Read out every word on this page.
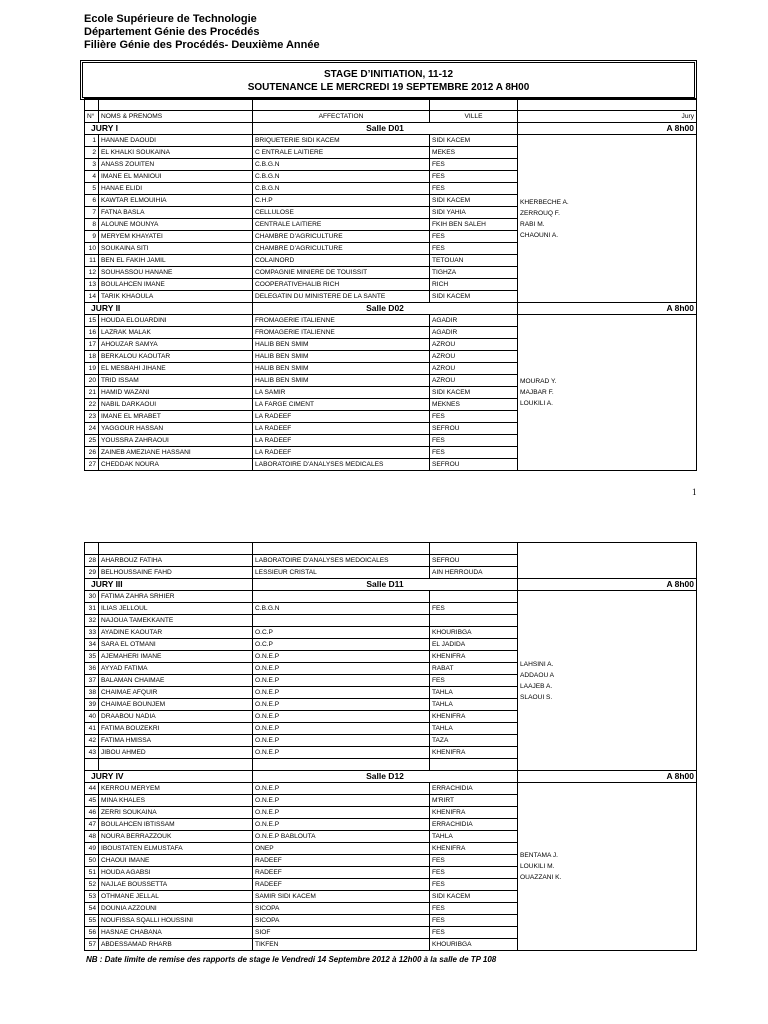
Ecole Supérieure de Technologie
Département Génie des Procédés
Filière Génie des Procédés- Deuxième Année
STAGE D’INITIATION, 11-12
SOUTENANCE LE MERCREDI 19 SEPTEMBRE 2012 A 8H00

N°	NOMS & PRENOMS	AFFECTATION	VILLE	Jury
JURY I		Salle D01		A 8h00
1	HANANE DAOUDI	BRIQUETERIE SIDI KACEM	SIDI KACEM	KHERBECHE A.
ZERROUQ F.
RABI M.
CHAOUNI A.

2	EL KHALKI SOUKAINA	C ENTRALE LAITIERE	MEKES	
3	ANASS ZOUITEN	C.B.G.N	FES	
4	IMANE EL MANIOUI	C.B.G.N	FES	
5	HANAE ELIDI	C.B.G.N	FES	
6	KAWTAR ELMOUIHIA	C.H.P	SIDI KACEM	
7	FATNA BASLA	CELLULOSE	SIDI YAHIA	
8	ALOUNE MOUNYA	CENTRALE LAITIERE	FKIH BEN SALEH	
9	MERYEM KHAYATEI	CHAMBRE D'AGRICULTURE	FES	
10	SOUKAINA SITI	CHAMBRE D'AGRICULTURE	FES	
11	BEN EL FAKIH JAMIL	COLAINORD	TETOUAN	
12	SOUHASSOU HANANE	COMPAGNIE MINIERE DE TOUISSIT	TIGHZA	
13	BOULAHCEN IMANE	COOPERATIVEHALIB RICH	RICH	
14	TARIK KHAOULA	DELEGATIN DU MINISTERE DE LA SANTE	SIDI KACEM	
JURY II		Salle D02		A 8h00
15	HOUDA ELOUARDINI	FROMAGERIE ITALIENNE	AGADIR	MOURAD Y.
MAJBAR F.
LOUKILI A.

16	LAZRAK MALAK	FROMAGERIE ITALIENNE	AGADIR	
17	AHOUZAR SAMYA	HALIB BEN SMIM	AZROU	
18	BERKALOU KAOUTAR	HALIB BEN SMIM	AZROU	
19	EL MESBAHI JIHANE	HALIB BEN SMIM	AZROU	
20	TRID ISSAM	HALIB BEN SMIM	AZROU	
21	HAMID WAZANI	LA SAMIR	SIDI KACEM	
22	NABIL DARKAOUI	LA FARGE CIMENT	MEKNES	
23	IMANE EL MRABET	LA RADEEF	FES	
24	YAGGOUR HASSAN	LA RADEEF	SEFROU	
25	YOUSSRA ZAHRAOUI	LA RADEEF	FES	
26	ZAINEB AMEZIANE HASSANI	LA RADEEF	FES	
27	CHEDDAK NOURA	LABORATOIRE D'ANALYSES MEDICALES	SEFROU	
1

28	AHARBOUZ FATIHA	LABORATOIRE D'ANALYSES MEDOICALES	SEFROU	
29	BELHOUSSAINE FAHD	LESSIEUR CRISTAL	AIN HERROUDA	
JURY III		Salle D11		A 8h00
30	FATIMA ZAHRA SRHIER			LAHSINI A.
ADDAOU A
LAAJEB A.
SLAOUI S.

31	ILIAS JELLOUL	C.B.G.N	FES	
32	NAJOUA TAMEKKANTE			
33	AYADINE KAOUTAR	O.C.P	KHOURIBGA	
34	SARA EL OTMANI	O.C.P	EL JADIDA	
35	AJEMAHERI IMANE	O.N.E.P	KHENIFRA	
36	AYYAD FATIMA	O.N.E.P	RABAT	
37	BALAMAN CHAIMAE	O.N.E.P	FES	
38	CHAIMAE AFQUIR	O.N.E.P	TAHLA	
39	CHAIMAE BOUNJEM	O.N.E.P	TAHLA	
40	DRAABOU NADIA	O.N.E.P	KHENIFRA	
41	FATIMA BOUZEKRI	O.N.E.P	TAHLA	
42	FATIMA HMISSA	O.N.E.P	TAZA	
43	JIBOU AHMED	O.N.E.P	KHENIFRA	

JURY IV		Salle D12		A 8h00
44	KERROU MERYEM	O.N.E.P	ERRACHIDIA	BENTAMA J.
LOUKILI M.
OUAZZANI K.

45	MINA KHALES	O.N.E.P	M'RIRT	
46	ZERRI SOUKAINA	O.N.E.P	KHENIFRA	
47	BOULAHCEN IBTISSAM	O.N.E.P	ERRACHIDIA	
48	NOURA BERRAZZOUK	O.N.E.P BABLOUTA	TAHLA	
49	IBOUSTATEN ELMUSTAFA	ONEP	KHENIFRA	
50	CHAOUI IMANE	RADEEF	FES	
51	HOUDA AGABSI	RADEEF	FES	
52	NAJLAE BOUSSETTA	RADEEF	FES	
53	OTHMANE JELLAL	SAMIR SIDI KACEM	SIDI KACEM	
54	DOUNIA AZZOUNI	SICOPA	FES	
55	NOUFISSA SQALLI HOUSSINI	SICOPA	FES	
56	HASNAE CHABANA	SIOF	FES	
57	ABDESSAMAD RHARB	TIKFEN	KHOURIBGA	
NB : Date limite de remise des rapports de stage le Vendredi 14 Septembre 2012 à 12h00 à la salle de TP 108
